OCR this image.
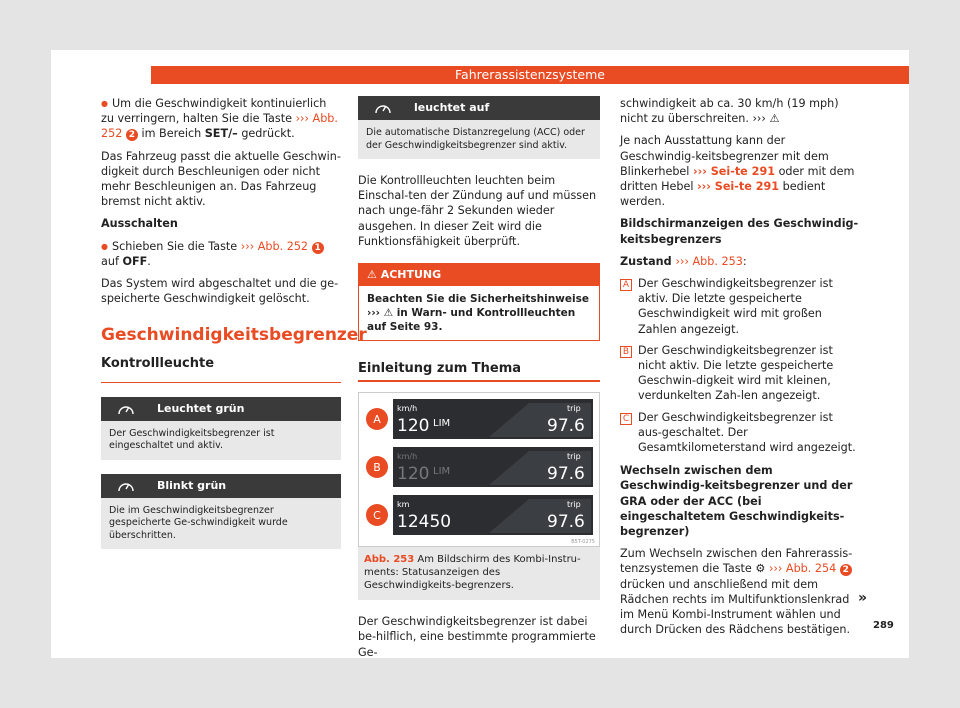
Fahrerassistenzsysteme

● Um die Geschwindigkeit kontinuierlich zu verringern, halten Sie die Taste ››› Abb. 252 2 im Bereich SET/– gedrückt.

Das Fahrzeug passt die aktuelle Geschwin-digkeit durch Beschleunigen oder nicht mehr Beschleunigen an. Das Fahrzeug bremst nicht aktiv.

Ausschalten

● Schieben Sie die Taste ››› Abb. 252 1 auf OFF.

Das System wird abgeschaltet und die ge-speicherte Geschwindigkeit gelöscht.

Geschwindigkeitsbegrenzer
Kontrollleuchte
Leuchtet grün
Der Geschwindigkeitsbegrenzer ist eingeschaltet und aktiv.
Blinkt grün
Die im Geschwindigkeitsbegrenzer gespeicherte Ge-schwindigkeit wurde überschritten.
leuchtet auf
Die automatische Distanzregelung (ACC) oder der Geschwindigkeitsbegrenzer sind aktiv.

Die Kontrollleuchten leuchten beim Einschal-ten der Zündung auf und müssen nach unge-fähr 2 Sekunden wieder ausgehen. In dieser Zeit wird die Funktionsfähigkeit überprüft.

⚠ ACHTUNG
Beachten Sie die Sicherheitshinweise ››› ⚠ in Warn- und Kontrollleuchten auf Seite 93.
Einleitung zum Thema
A
km/h
120 LIM
trip
97.6
B
km/h
120 LIM
trip
97.6
C
km
12450
trip
97.6
B5T-0275
Abb. 253 Am Bildschirm des Kombi-Instru-ments: Statusanzeigen des Geschwindigkeits-begrenzers.

Der Geschwindigkeitsbegrenzer ist dabei be-hilflich, eine bestimmte programmierte Ge-

schwindigkeit ab ca. 30 km/h (19 mph) nicht zu überschreiten. ››› ⚠

Je nach Ausstattung kann der Geschwindig-keitsbegrenzer mit dem Blinkerhebel ››› Sei-te 291 oder mit dem dritten Hebel ››› Sei-te 291 bedient werden.

Bildschirmanzeigen des Geschwindig-keitsbegrenzers

Zustand ››› Abb. 253:

A Der Geschwindigkeitsbegrenzer ist aktiv. Die letzte gespeicherte Geschwindigkeit wird mit großen Zahlen angezeigt.
B Der Geschwindigkeitsbegrenzer ist nicht aktiv. Die letzte gespeicherte Geschwin-digkeit wird mit kleinen, verdunkelten Zah-len angezeigt.
C Der Geschwindigkeitsbegrenzer ist aus-geschaltet. Der Gesamtkilometerstand wird angezeigt.

Wechseln zwischen dem Geschwindig-keitsbegrenzer und der GRA oder der ACC (bei eingeschaltetem Geschwindigkeits-begrenzer)

Zum Wechseln zwischen den Fahrerassis-tenzsystemen die Taste ⚙ ››› Abb. 254 2 drücken und anschließend mit dem Rädchen rechts im Multifunktionslenkrad im Menü Kombi-Instrument wählen und durch Drücken des Rädchens bestätigen.

»
289
